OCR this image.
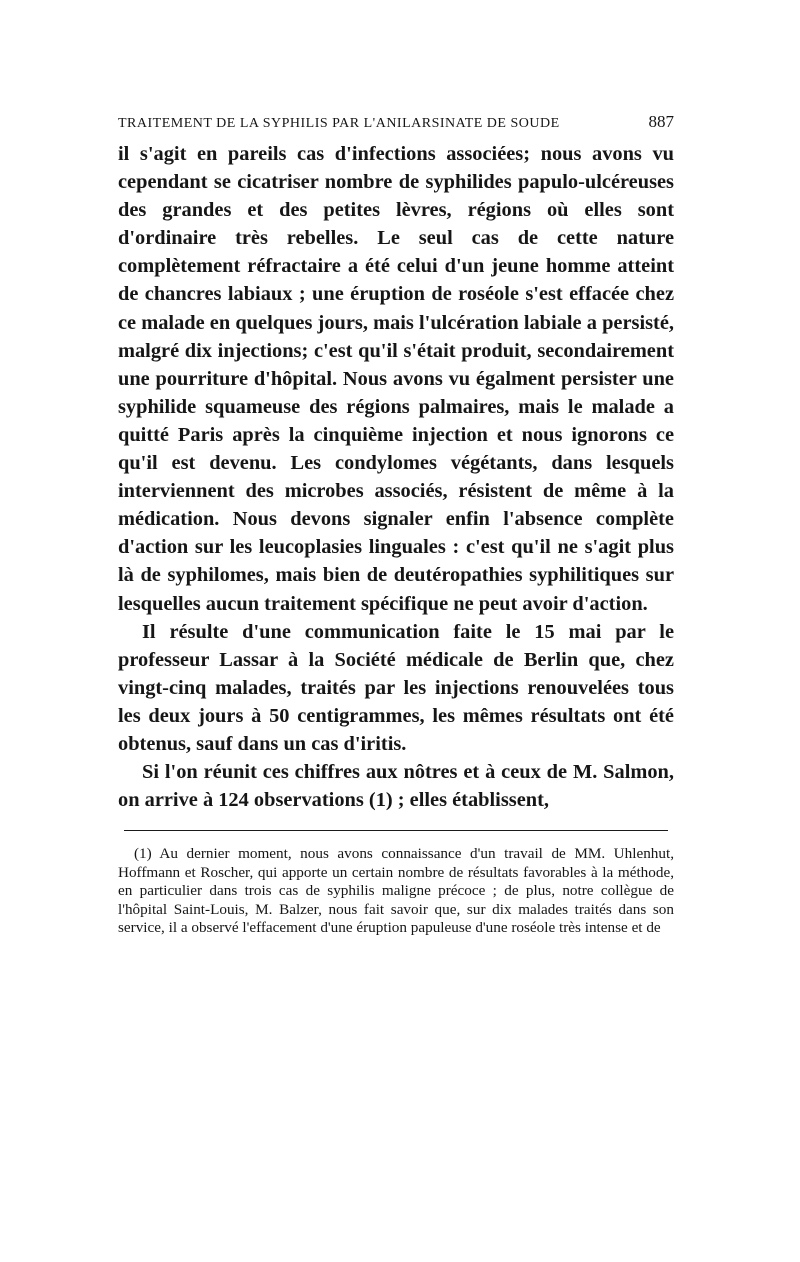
TRAITEMENT DE LA SYPHILIS PAR L'ANILARSINATE DE SOUDE	887

il s'agit en pareils cas d'infections associées; nous avons vu cependant se cicatriser nombre de syphilides papulo-ulcéreuses des grandes et des petites lèvres, régions où elles sont d'ordinaire très rebelles. Le seul cas de cette nature complètement réfractaire a été celui d'un jeune homme atteint de chancres labiaux ; une éruption de roséole s'est effacée chez ce malade en quelques jours, mais l'ulcération labiale a persisté, malgré dix injections; c'est qu'il s'était produit, secondairement une pourriture d'hôpital. Nous avons vu égalment persister une syphilide squameuse des régions palmaires, mais le malade a quitté Paris après la cinquième injection et nous ignorons ce qu'il est devenu. Les condylomes végétants, dans lesquels interviennent des microbes associés, résistent de même à la médication. Nous devons signaler enfin l'absence complète d'action sur les leucoplasies linguales : c'est qu'il ne s'agit plus là de syphilomes, mais bien de deutéropathies syphilitiques sur lesquelles aucun traitement spécifique ne peut avoir d'action.

Il résulte d'une communication faite le 15 mai par le professeur Lassar à la Société médicale de Berlin que, chez vingt-cinq malades, traités par les injections renouvelées tous les deux jours à 50 centigrammes, les mêmes résultats ont été obtenus, sauf dans un cas d'iritis.

Si l'on réunit ces chiffres aux nôtres et à ceux de M. Salmon, on arrive à 124 observations (1) ; elles établissent,

(1) Au dernier moment, nous avons connaissance d'un travail de MM. Uhlenhut, Hoffmann et Roscher, qui apporte un certain nombre de résultats favorables à la méthode, en particulier dans trois cas de syphilis maligne précoce ; de plus, notre collègue de l'hôpital Saint-Louis, M. Balzer, nous fait savoir que, sur dix malades traités dans son service, il a observé l'effacement d'une éruption papuleuse d'une roséole très intense et de
